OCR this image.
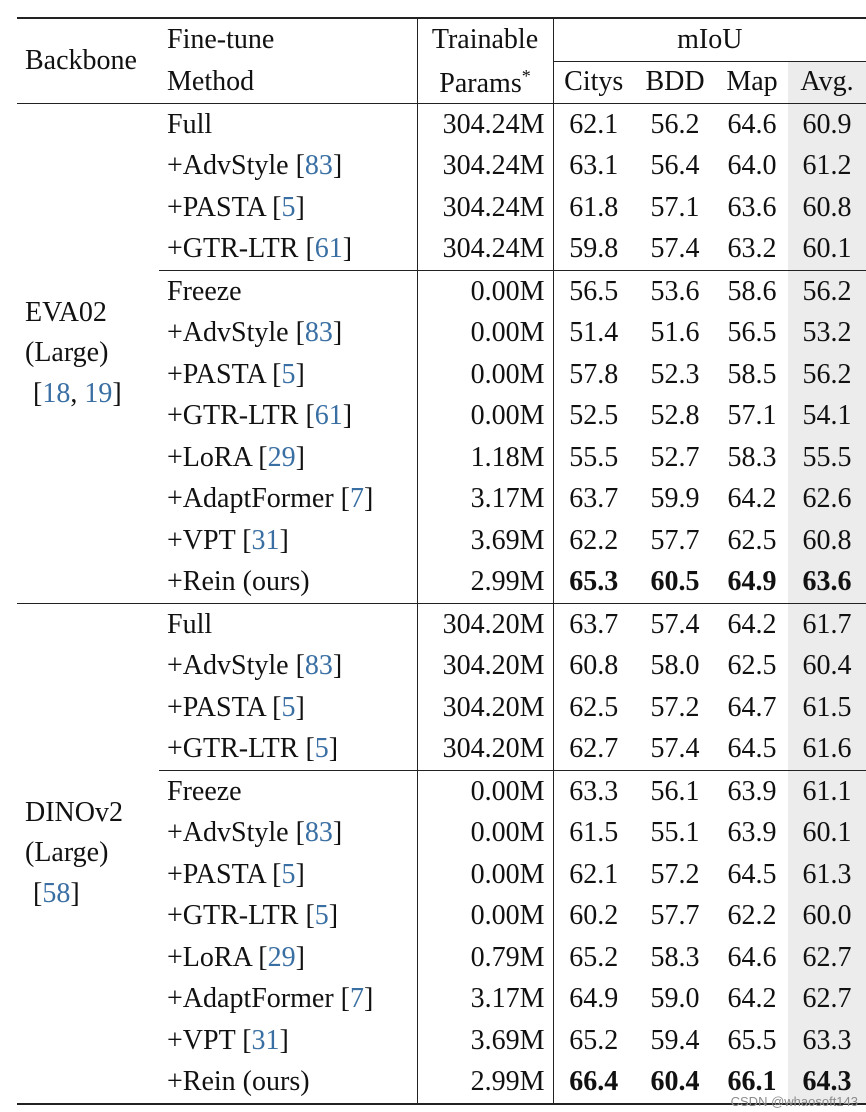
Backbone	Fine-tune	Trainable	mIoU			
	Method	Params*	Citys	BDD	Map	Avg.

EVA02
(Large)
[18, 19]	Full	304.24M	62.1	56.2	64.6	60.9
	+AdvStyle [83]	304.24M	63.1	56.4	64.0	61.2
	+PASTA [5]	304.24M	61.8	57.1	63.6	60.8
	+GTR-LTR [61]	304.24M	59.8	57.4	63.2	60.1
	Freeze	0.00M	56.5	53.6	58.6	56.2
	+AdvStyle [83]	0.00M	51.4	51.6	56.5	53.2
	+PASTA [5]	0.00M	57.8	52.3	58.5	56.2
	+GTR-LTR [61]	0.00M	52.5	52.8	57.1	54.1
	+LoRA [29]	1.18M	55.5	52.7	58.3	55.5
	+AdaptFormer [7]	3.17M	63.7	59.9	64.2	62.6
	+VPT [31]	3.69M	62.2	57.7	62.5	60.8
	+Rein (ours)	2.99M	65.3	60.5	64.9	63.6

DINOv2
(Large)
[58]	Full	304.20M	63.7	57.4	64.2	61.7
	+AdvStyle [83]	304.20M	60.8	58.0	62.5	60.4
	+PASTA [5]	304.20M	62.5	57.2	64.7	61.5
	+GTR-LTR [5]	304.20M	62.7	57.4	64.5	61.6
	Freeze	0.00M	63.3	56.1	63.9	61.1
	+AdvStyle [83]	0.00M	61.5	55.1	63.9	60.1
	+PASTA [5]	0.00M	62.1	57.2	64.5	61.3
	+GTR-LTR [5]	0.00M	60.2	57.7	62.2	60.0
	+LoRA [29]	0.79M	65.2	58.3	64.6	62.7
	+AdaptFormer [7]	3.17M	64.9	59.0	64.2	62.7
	+VPT [31]	3.69M	65.2	59.4	65.5	63.3
	+Rein (ours)	2.99M	66.4	60.4	66.1	64.3
CSDN @whaosoft143
